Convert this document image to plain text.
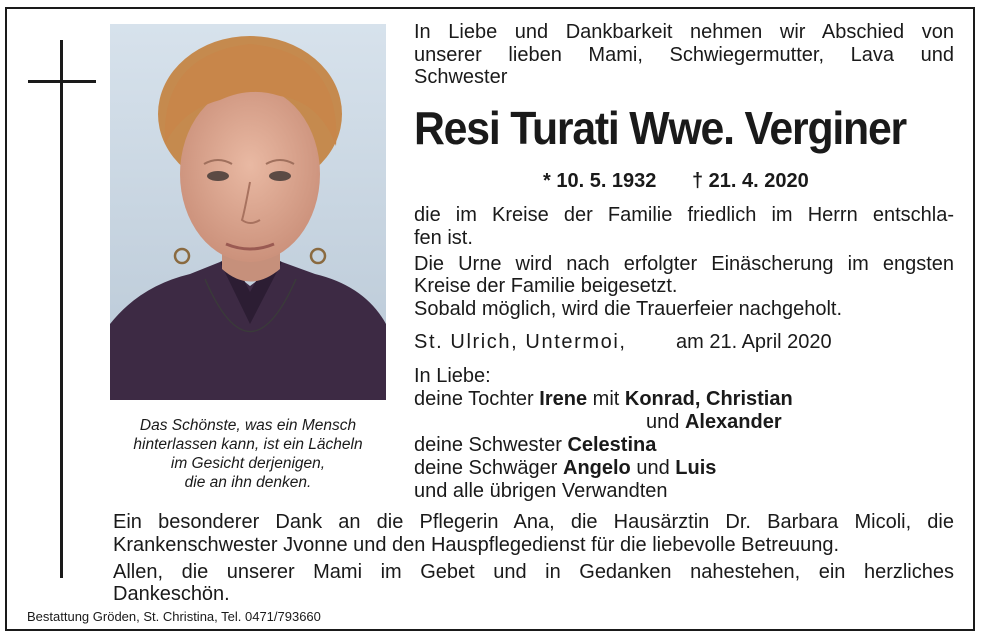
Das Schönste, was ein Mensch
hinterlassen kann, ist ein Lächeln
im Gesicht derjenigen,
die an ihn denken.
In Liebe und Dankbarkeit nehmen wir Abschied von
unserer lieben Mami, Schwiegermutter, Lava und
Schwester
Resi Turati Wwe. Verginer
* 10. 5. 1932 † 21. 4. 2020
die im Kreise der Familie friedlich im Herrn entschla-
fen ist.
Die Urne wird nach erfolgter Einäscherung im engsten
Kreise der Familie beigesetzt.
Sobald möglich, wird die Trauerfeier nachgeholt.
St. Ulrich, Untermoi, am 21. April 2020
In Liebe:
deine Tochter Irene mit Konrad, Christian
und Alexander
deine Schwester Celestina
deine Schwäger Angelo und Luis
und alle übrigen Verwandten
Ein besonderer Dank an die Pflegerin Ana, die Hausärztin Dr. Barbara Micoli, die
Krankenschwester Jvonne und den Hauspflegedienst für die liebevolle Betreuung.
Allen, die unserer Mami im Gebet und in Gedanken nahestehen, ein herzliches
Dankeschön.
Bestattung Gröden, St. Christina, Tel. 0471/793660
